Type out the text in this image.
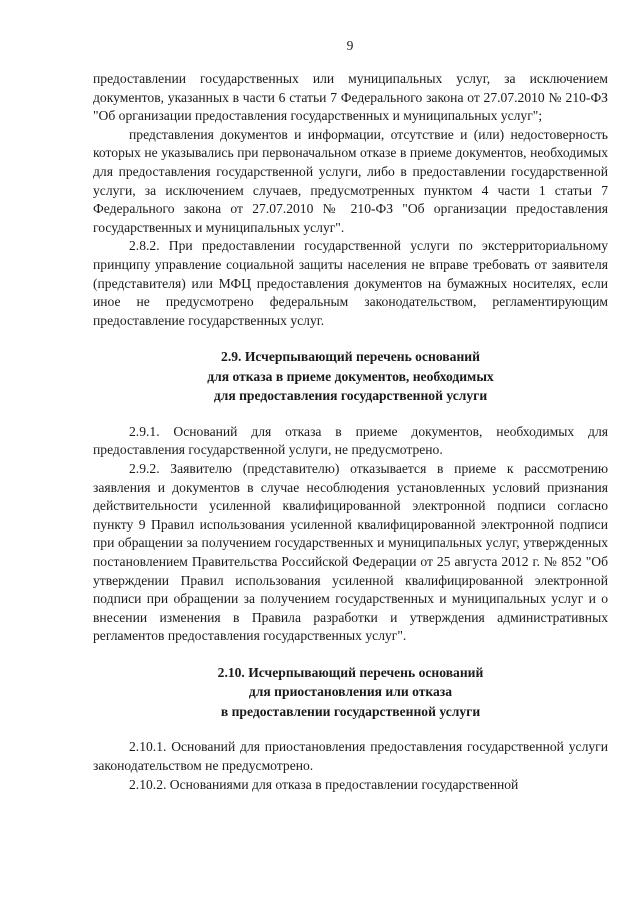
9

предоставлении государственных или муниципальных услуг, за исключением документов, указанных в части 6 статьи 7 Федерального закона от 27.07.2010 № 210-ФЗ "Об организации предоставления государственных и муниципальных услуг";

представления документов и информации, отсутствие и (или) недостоверность которых не указывались при первоначальном отказе в приеме документов, необходимых для предоставления государственной услуги, либо в предоставлении государственной услуги, за исключением случаев, предусмотренных пунктом 4 части 1 статьи 7 Федерального закона от 27.07.2010 № 210-ФЗ "Об организации предоставления государственных и муниципальных услуг".

2.8.2. При предоставлении государственной услуги по экстерриториальному принципу управление социальной защиты населения не вправе требовать от заявителя (представителя) или МФЦ предоставления документов на бумажных носителях, если иное не предусмотрено федеральным законодательством, регламентирующим предоставление государственных услуг.

2.9. Исчерпывающий перечень оснований

для отказа в приеме документов, необходимых

для предоставления государственной услуги

2.9.1. Оснований для отказа в приеме документов, необходимых для предоставления государственной услуги, не предусмотрено.

2.9.2. Заявителю (представителю) отказывается в приеме к рассмотрению заявления и документов в случае несоблюдения установленных условий признания действительности усиленной квалифицированной электронной подписи согласно пункту 9 Правил использования усиленной квалифицированной электронной подписи при обращении за получением государственных и муниципальных услуг, утвержденных постановлением Правительства Российской Федерации от 25 августа 2012 г. № 852 "Об утверждении Правил использования усиленной квалифицированной электронной подписи при обращении за получением государственных и муниципальных услуг и о внесении изменения в Правила разработки и утверждения административных регламентов предоставления государственных услуг".

2.10. Исчерпывающий перечень оснований

для приостановления или отказа

в предоставлении государственной услуги

2.10.1. Оснований для приостановления предоставления государственной услуги законодательством не предусмотрено.

2.10.2. Основаниями для отказа в предоставлении государственной
